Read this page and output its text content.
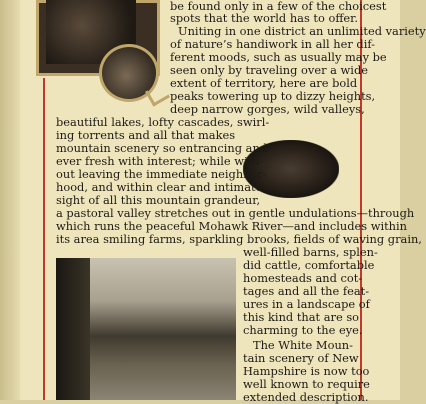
be found only in a few of the choicest
spots that the world has to offer.
Uniting in one district an unlimited variety
of nature’s handiwork in all her dif-
ferent moods, such as usually may be
seen only by traveling over a wide
extent of territory, here are bold
peaks towering up to dizzy heights,
deep narrow gorges, wild valleys,
beautiful lakes, lofty cascades, swirl-
ing torrents and all that makes
mountain scenery so entrancing and
ever fresh with interest; while with-
out leaving the immediate neighbor-
hood, and within clear and intimate
sight of all this mountain grandeur,
a pastoral valley stretches out in gentle undulations—through
which runs the peaceful Mohawk River—and includes within
its area smiling farms, sparkling brooks, fields of waving grain,
well-filled barns, splen-
did cattle, comfortable
homesteads and cot-
tages and all the feat-
ures in a landscape of
this kind that are so
charming to the eye.
The White Moun-
tain scenery of New
Hampshire is now too
well known to require
extended description.
